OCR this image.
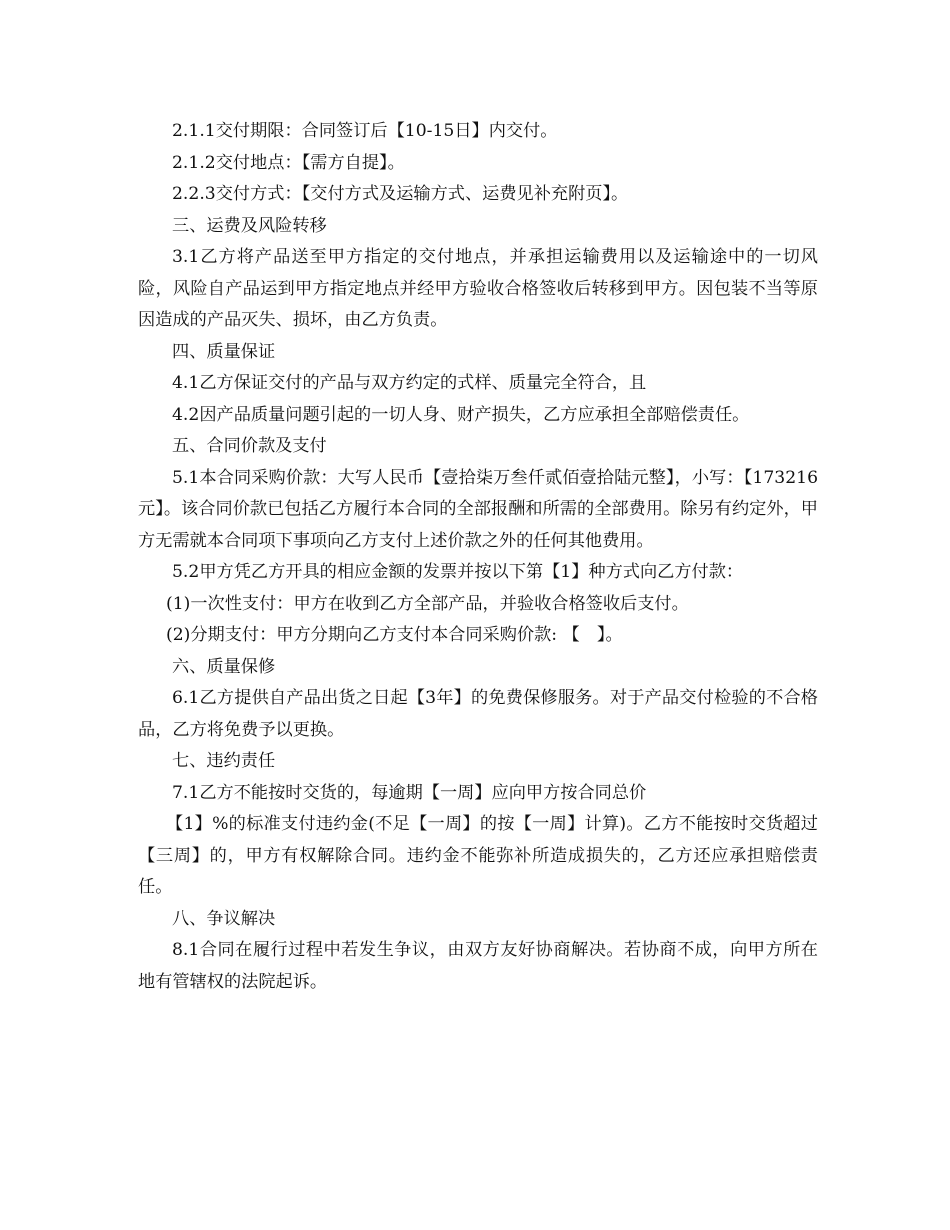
2.1.1交付期限：合同签订后【10-15日】内交付。

2.1.2交付地点：【需方自提】。

2.2.3交付方式：【交付方式及运输方式、运费见补充附页】。

三、运费及风险转移

3.1乙方将产品送至甲方指定的交付地点，并承担运输费用以及运输途中的一切风险，风险自产品运到甲方指定地点并经甲方验收合格签收后转移到甲方。因包装不当等原因造成的产品灭失、损坏，由乙方负责。

四、质量保证

4.1乙方保证交付的产品与双方约定的式样、质量完全符合，且

4.2因产品质量问题引起的一切人身、财产损失，乙方应承担全部赔偿责任。

五、合同价款及支付

5.1本合同采购价款：大写人民币【壹拾柒万叁仟贰佰壹拾陆元整】，小写：【173216元】。该合同价款已包括乙方履行本合同的全部报酬和所需的全部费用。除另有约定外，甲方无需就本合同项下事项向乙方支付上述价款之外的任何其他费用。

5.2甲方凭乙方开具的相应金额的发票并按以下第【1】种方式向乙方付款：

(1)一次性支付：甲方在收到乙方全部产品，并验收合格签收后支付。

(2)分期支付：甲方分期向乙方支付本合同采购价款: 【　】。

六、质量保修

6.1乙方提供自产品出货之日起【3年】的免费保修服务。对于产品交付检验的不合格品，乙方将免费予以更换。

七、违约责任

7.1乙方不能按时交货的，每逾期【一周】应向甲方按合同总价

【1】%的标准支付违约金(不足【一周】的按【一周】计算)。乙方不能按时交货超过【三周】的，甲方有权解除合同。违约金不能弥补所造成损失的，乙方还应承担赔偿责任。

八、争议解决

8.1合同在履行过程中若发生争议，由双方友好协商解决。若协商不成，向甲方所在地有管辖权的法院起诉。
